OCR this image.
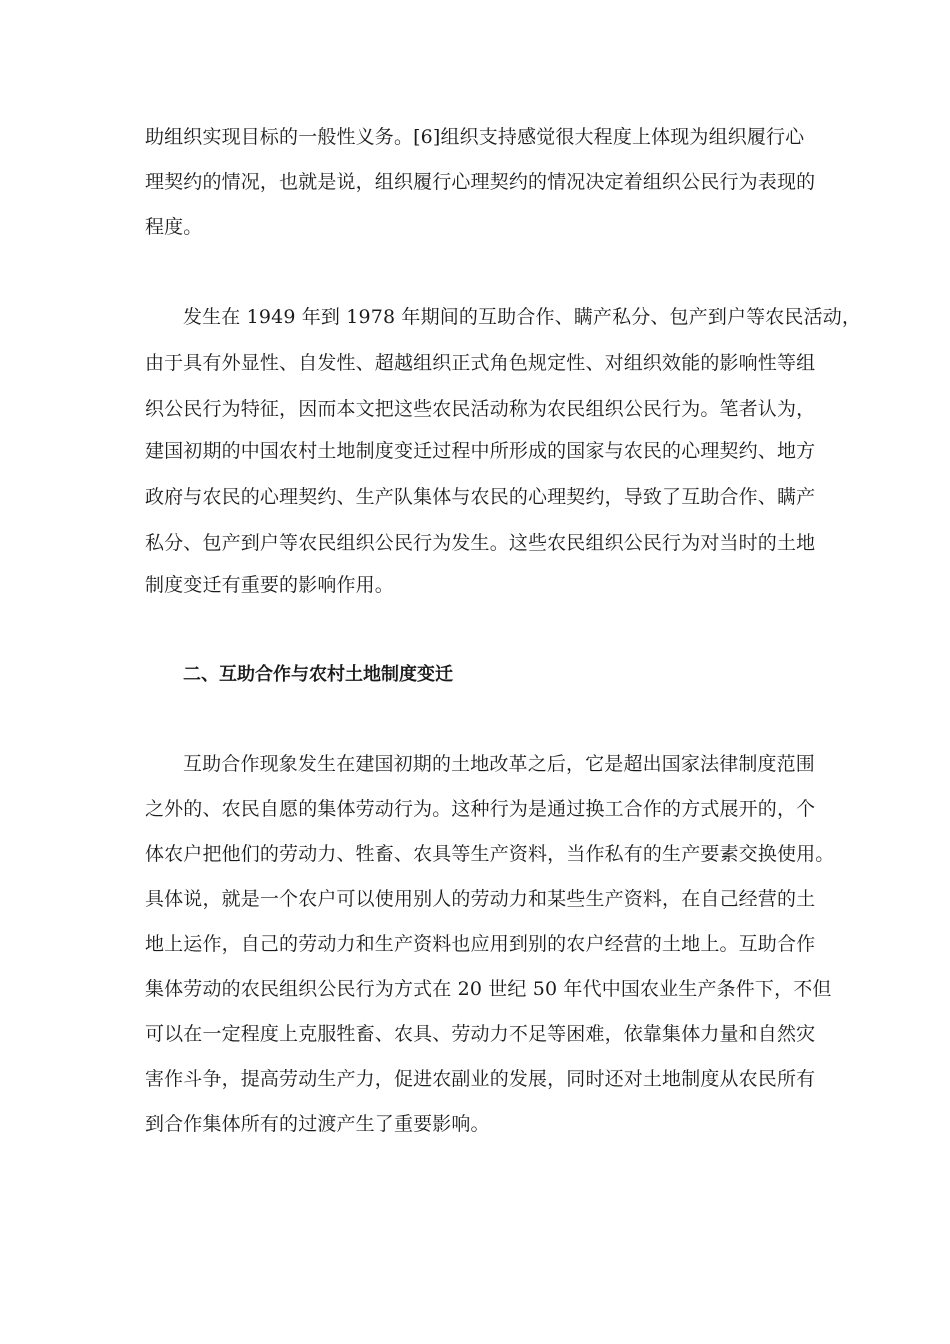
助组织实现目标的一般性义务。[6]组织支持感觉很大程度上体现为组织履行心
理契约的情况，也就是说，组织履行心理契约的情况决定着组织公民行为表现的
程度。
发生在 1949 年到 1978 年期间的互助合作、瞒产私分、包产到户等农民活动，
由于具有外显性、自发性、超越组织正式角色规定性、对组织效能的影响性等组
织公民行为特征，因而本文把这些农民活动称为农民组织公民行为。笔者认为，
建国初期的中国农村土地制度变迁过程中所形成的国家与农民的心理契约、地方
政府与农民的心理契约、生产队集体与农民的心理契约，导致了互助合作、瞒产
私分、包产到户等农民组织公民行为发生。这些农民组织公民行为对当时的土地
制度变迁有重要的影响作用。
二、互助合作与农村土地制度变迁
互助合作现象发生在建国初期的土地改革之后，它是超出国家法律制度范围
之外的、农民自愿的集体劳动行为。这种行为是通过换工合作的方式展开的，个
体农户把他们的劳动力、牲畜、农具等生产资料，当作私有的生产要素交换使用。
具体说，就是一个农户可以使用别人的劳动力和某些生产资料，在自己经营的土
地上运作，自己的劳动力和生产资料也应用到别的农户经营的土地上。互助合作
集体劳动的农民组织公民行为方式在 20 世纪 50 年代中国农业生产条件下，不但
可以在一定程度上克服牲畜、农具、劳动力不足等困难，依靠集体力量和自然灾
害作斗争，提高劳动生产力，促进农副业的发展，同时还对土地制度从农民所有
到合作集体所有的过渡产生了重要影响。
